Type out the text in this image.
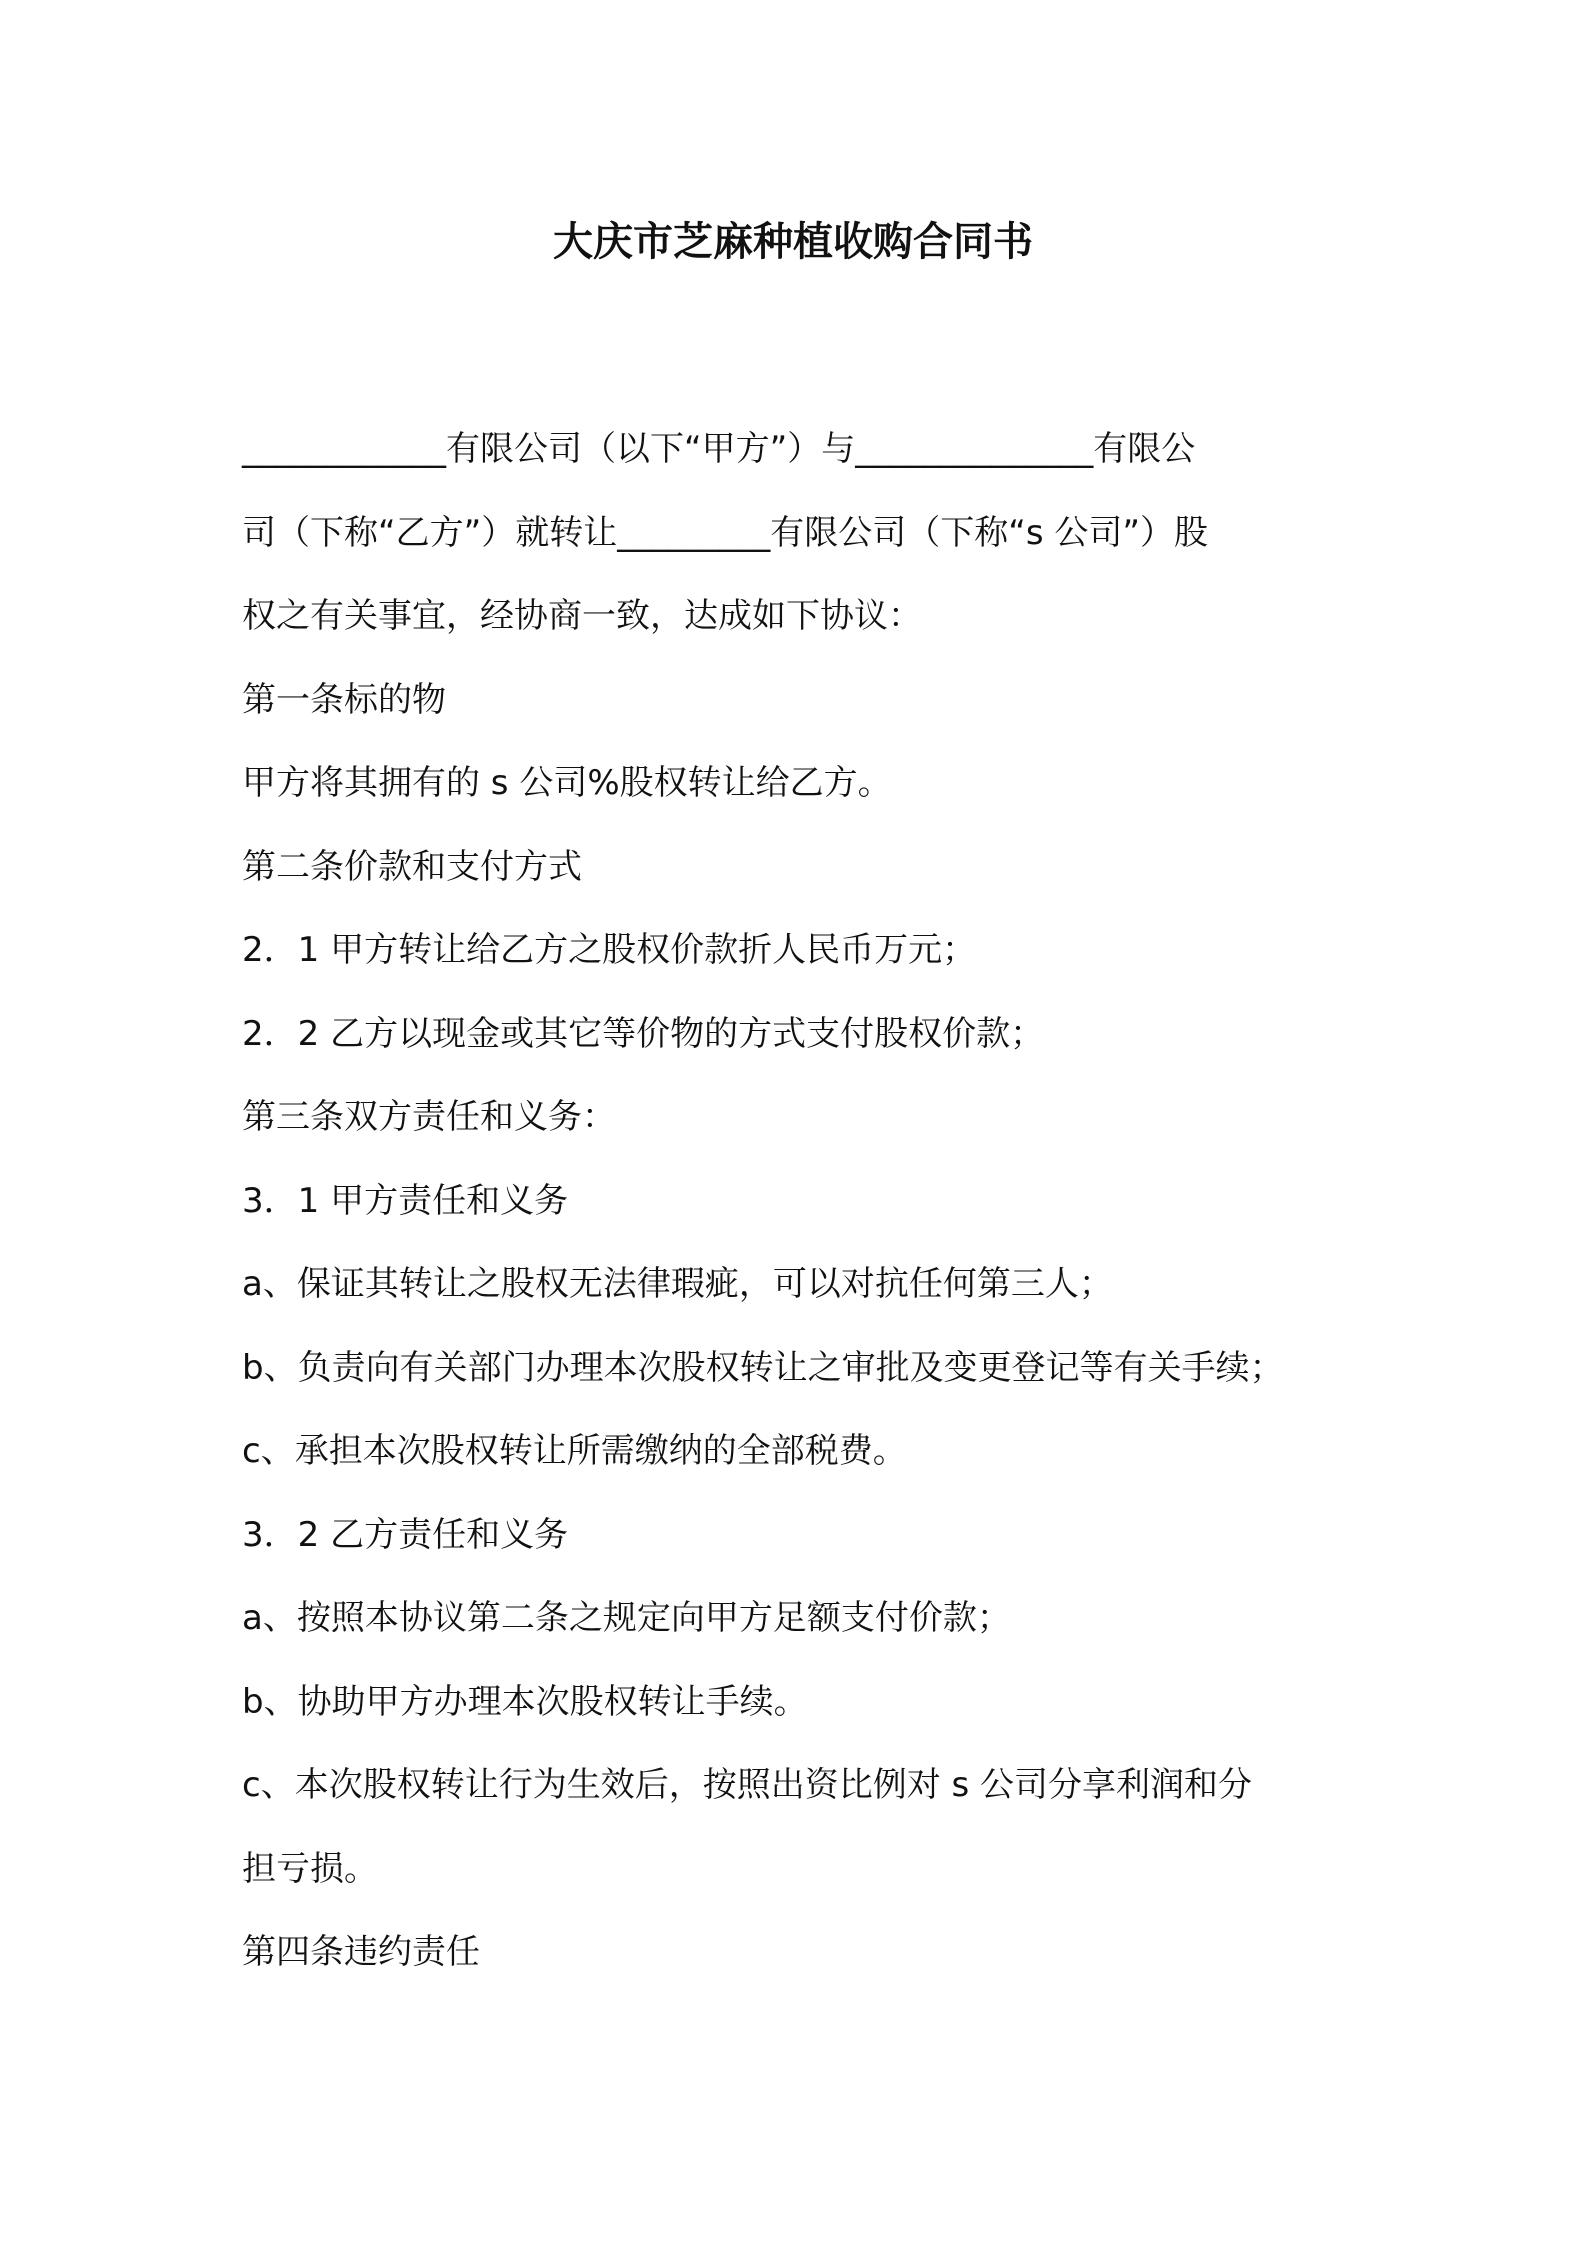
大庆市芝麻种植收购合同书
____________有限公司（以下“甲方”）与______________有限公
司（下称“乙方”）就转让_________有限公司（下称“s 公司”）股
权之有关事宜，经协商一致，达成如下协议：
第一条标的物
甲方将其拥有的 s 公司%股权转让给乙方。
第二条价款和支付方式
2．1 甲方转让给乙方之股权价款折人民币万元；
2．2 乙方以现金或其它等价物的方式支付股权价款；
第三条双方责任和义务：
3．1 甲方责任和义务
a、保证其转让之股权无法律瑕疵，可以对抗任何第三人；
b、负责向有关部门办理本次股权转让之审批及变更登记等有关手续；
c、承担本次股权转让所需缴纳的全部税费。
3．2 乙方责任和义务
a、按照本协议第二条之规定向甲方足额支付价款；
b、协助甲方办理本次股权转让手续。
c、本次股权转让行为生效后，按照出资比例对 s 公司分享利润和分
担亏损。
第四条违约责任
